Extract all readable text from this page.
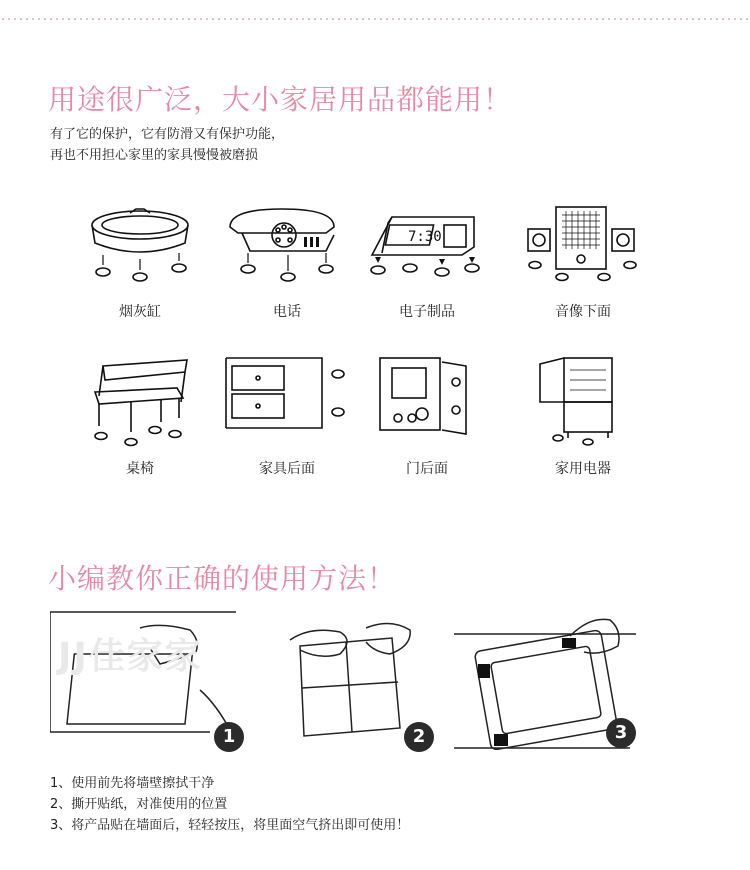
用途很广泛，大小家居用品都能用！
有了它的保护，它有防滑又有保护功能，
再也不用担心家里的家具慢慢被磨损
烟灰缸	电话
7:30
电子制品	音像下面
桌椅	家具后面	门后面	家用电器
小编教你正确的使用方法！
JJ佳家家
1	2	3
1、使用前先将墙壁擦拭干净
2、撕开贴纸，对准使用的位置
3、将产品贴在墙面后，轻轻按压，将里面空气挤出即可使用！
